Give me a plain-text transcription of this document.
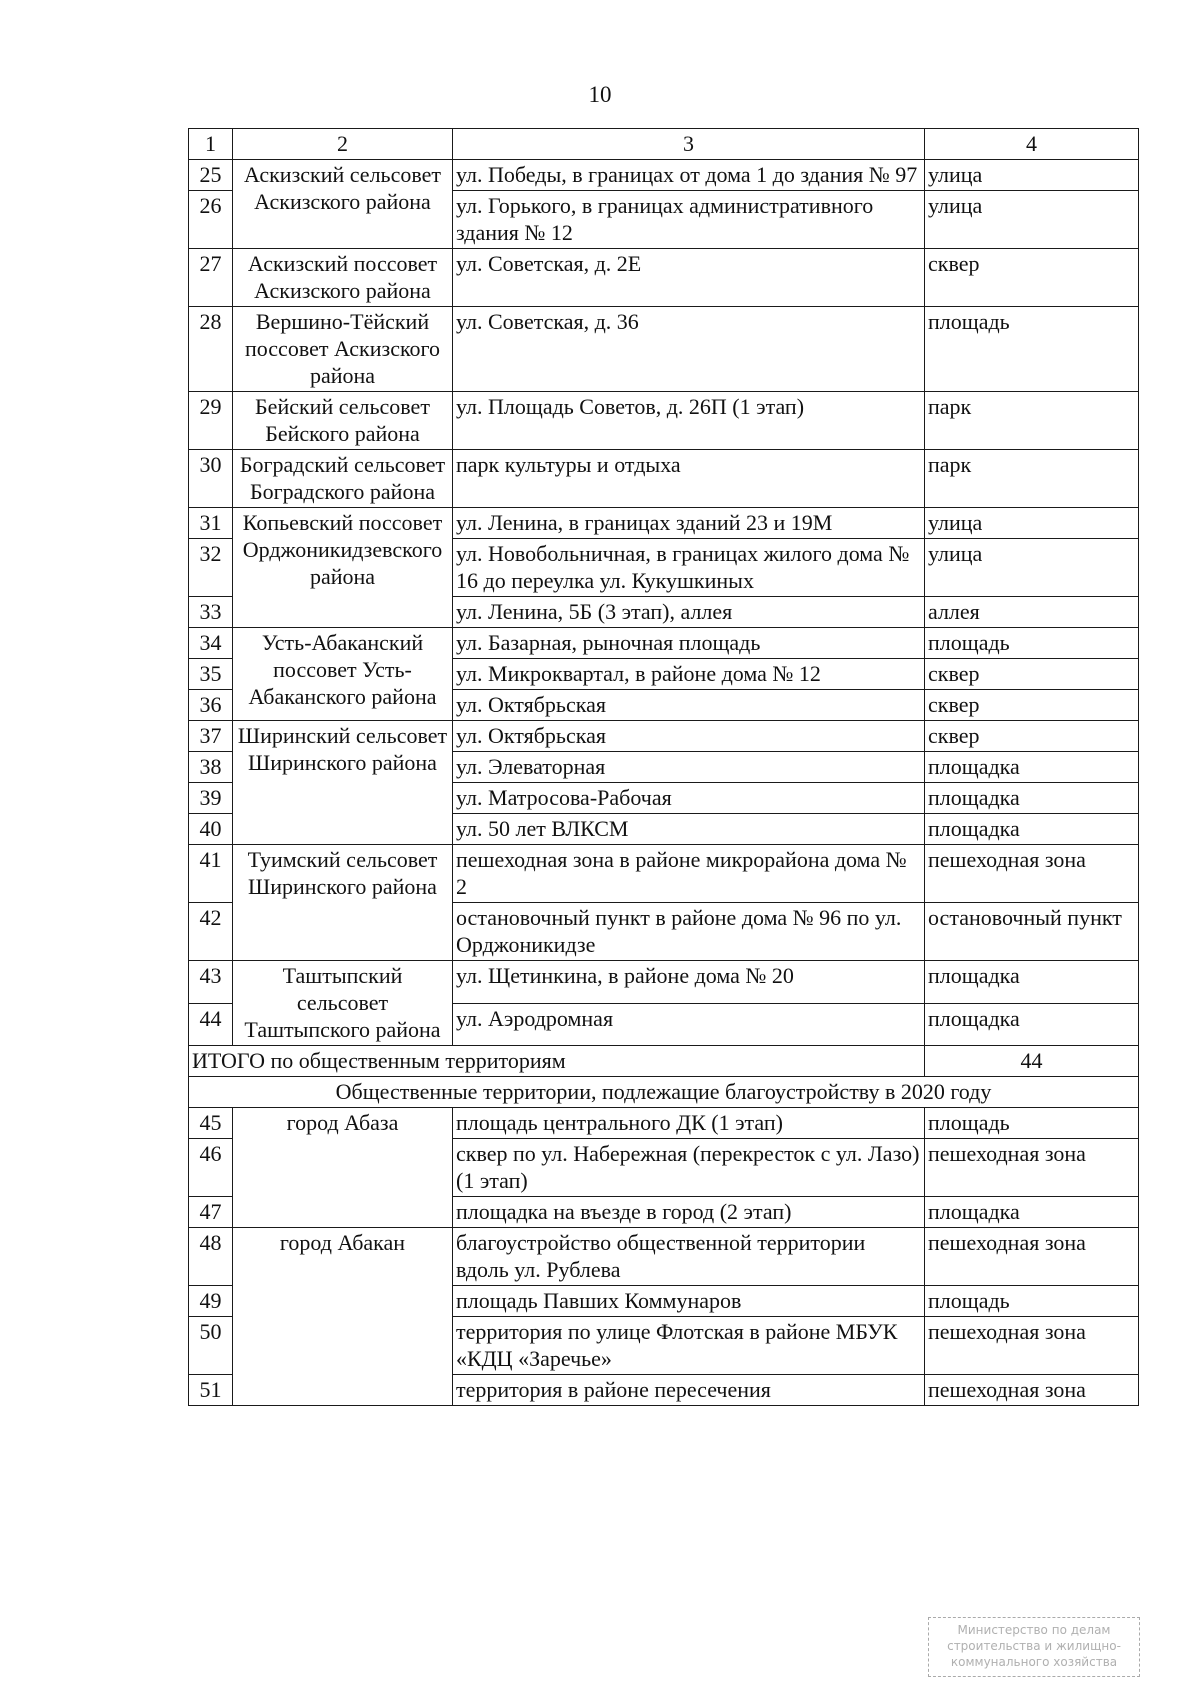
10
1	2	3	4
25	Аскизский сельсовет Аскизского района	ул. Победы, в границах от дома 1 до здания № 97	улица
26		ул. Горького, в границах административного здания № 12	улица
27	Аскизский поссовет Аскизского района	ул. Советская, д. 2Е	сквер
28	Вершино-Тёйский поссовет Аскизского района	ул. Советская, д. 36	площадь
29	Бейский сельсовет Бейского района	ул. Площадь Советов, д. 26П (1 этап)	парк
30	Боградский сельсовет Боградского района	парк культуры и отдыха	парк
31	Копьевский поссовет Орджоникидзевского района	ул. Ленина, в границах зданий 23 и 19М	улица
32		ул. Новобольничная, в границах жилого дома № 16 до переулка ул. Кукушкиных	улица
33		ул. Ленина, 5Б (3 этап), аллея	аллея
34	Усть-Абаканский поссовет Усть-Абаканского района	ул. Базарная, рыночная площадь	площадь
35		ул. Микроквартал, в районе дома № 12	сквер
36		ул. Октябрьская	сквер
37	Ширинский сельсовет Ширинского района	ул. Октябрьская	сквер
38		ул. Элеваторная	площадка
39		ул. Матросова-Рабочая	площадка
40		ул. 50 лет ВЛКСМ	площадка
41	Туимский сельсовет Ширинского района	пешеходная зона в районе микрорайона дома № 2	пешеходная зона
42		остановочный пункт в районе дома № 96 по ул. Орджоникидзе	остановочный пункт
43	Таштыпский сельсовет Таштыпского района	ул. Щетинкина, в районе дома № 20	площадка
44		ул. Аэродромная	площадка
ИТОГО по общественным территориям			44
Общественные территории, подлежащие благоустройству в 2020 году			
45	город Абаза	площадь центрального ДК (1 этап)	площадь
46		сквер по ул. Набережная (перекресток с ул. Лазо) (1 этап)	пешеходная зона
47		площадка на въезде в город (2 этап)	площадка
48	город Абакан	благоустройство общественной территории вдоль ул. Рублева	пешеходная зона
49		площадь Павших Коммунаров	площадь
50		территория по улице Флотская в районе МБУК «КДЦ «Заречье»	пешеходная зона
51		территория в районе пересечения	пешеходная зона
Министерство по делам
строительства и жилищно-
коммунального хозяйства
